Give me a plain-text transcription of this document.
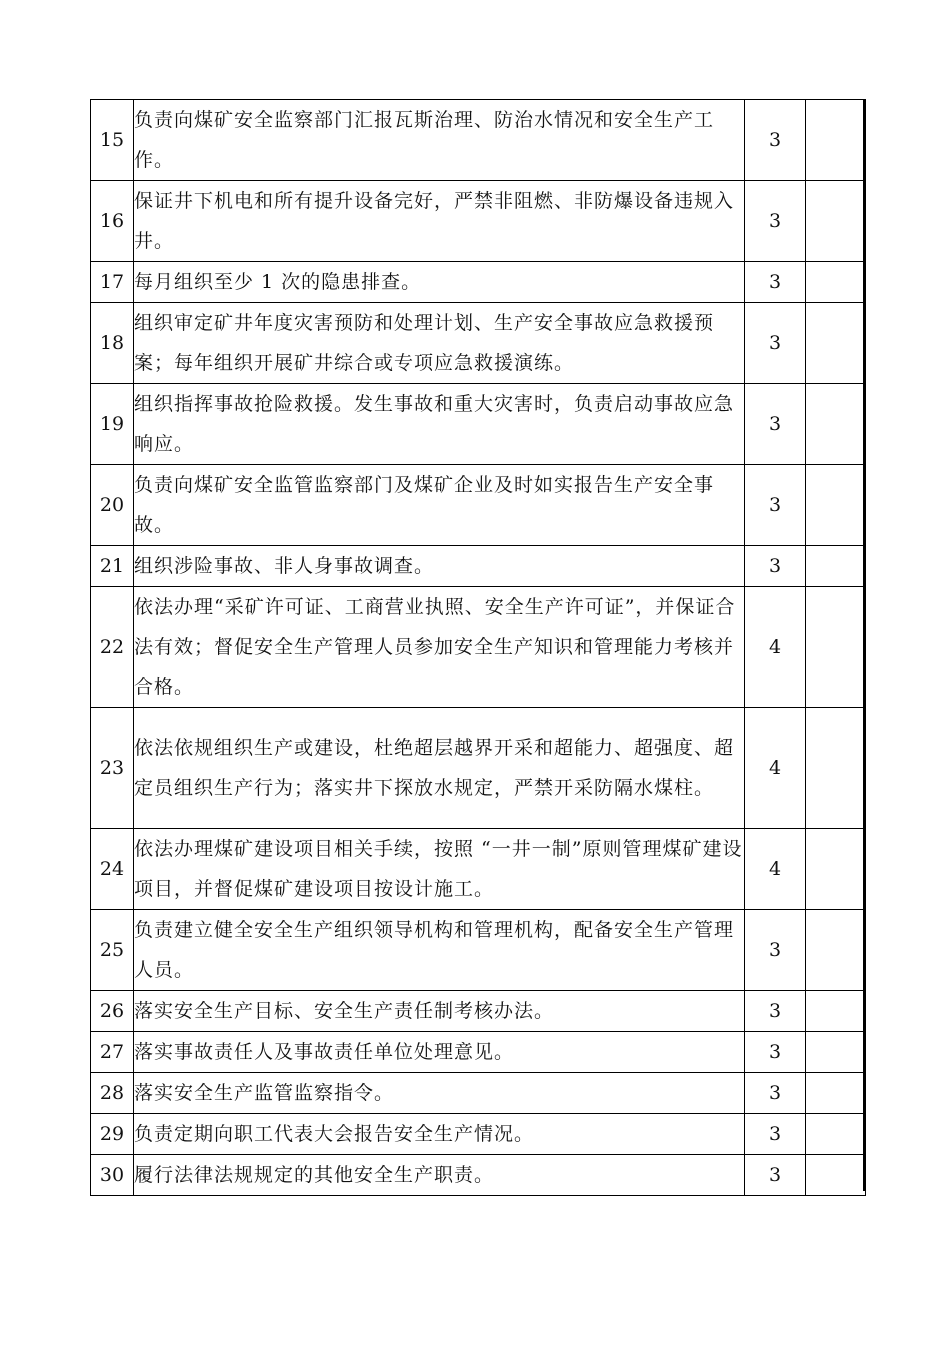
15	负责向煤矿安全监察部门汇报瓦斯治理、防治水情况和安全生产工作。	3	
16	保证井下机电和所有提升设备完好，严禁非阻燃、非防爆设备违规入井。	3	
17	每月组织至少 1 次的隐患排查。	3	
18	组织审定矿井年度灾害预防和处理计划、生产安全事故应急救援预案；每年组织开展矿井综合或专项应急救援演练。	3	
19	组织指挥事故抢险救援。发生事故和重大灾害时，负责启动事故应急响应。	3	
20	负责向煤矿安全监管监察部门及煤矿企业及时如实报告生产安全事故。	3	
21	组织涉险事故、非人身事故调查。	3	
22	依法办理“采矿许可证、工商营业执照、安全生产许可证”，并保证合法有效；督促安全生产管理人员参加安全生产知识和管理能力考核并合格。	4	
23	依法依规组织生产或建设，杜绝超层越界开采和超能力、超强度、超定员组织生产行为；落实井下探放水规定，严禁开采防隔水煤柱。	4	
24	依法办理煤矿建设项目相关手续，按照 “一井一制”原则管理煤矿建设项目，并督促煤矿建设项目按设计施工。	4	
25	负责建立健全安全生产组织领导机构和管理机构，配备安全生产管理人员。	3	
26	落实安全生产目标、安全生产责任制考核办法。	3	
27	落实事故责任人及事故责任单位处理意见。	3	
28	落实安全生产监管监察指令。	3	
29	负责定期向职工代表大会报告安全生产情况。	3	
30	履行法律法规规定的其他安全生产职责。	3	
